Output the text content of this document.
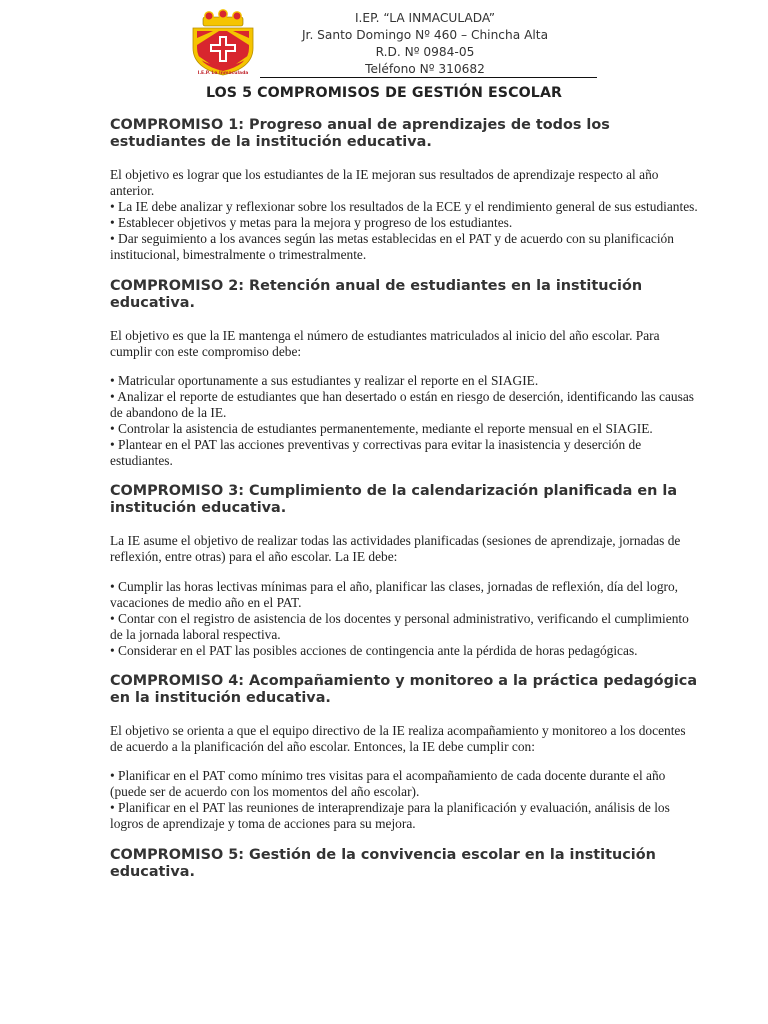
I.E.P. La Inmaculada
I.EP. “LA INMACULADA”
Jr. Santo Domingo Nº 460 – Chincha Alta
R.D. Nº 0984-05
Teléfono Nº 310682
LOS 5 COMPROMISOS DE GESTIÓN ESCOLAR
COMPROMISO 1: Progreso anual de aprendizajes de todos los estudiantes de la institución educativa.

El objetivo es lograr que los estudiantes de la IE mejoran sus resultados de aprendizaje respecto al año anterior.

• La IE debe analizar y reflexionar sobre los resultados de la ECE y el rendimiento general de sus estudiantes.

• Establecer objetivos y metas para la mejora y progreso de los estudiantes.

• Dar seguimiento a los avances según las metas establecidas en el PAT y de acuerdo con su planificación institucional, bimestralmente o trimestralmente.

COMPROMISO 2: Retención anual de estudiantes en la institución educativa.

El objetivo es que la IE mantenga el número de estudiantes matriculados al inicio del año escolar. Para cumplir con este compromiso debe:

• Matricular oportunamente a sus estudiantes y realizar el reporte en el SIAGIE.

• Analizar el reporte de estudiantes que han desertado o están en riesgo de deserción, identificando las causas de abandono de la IE.

• Controlar la asistencia de estudiantes permanentemente, mediante el reporte mensual en el SIAGIE.

• Plantear en el PAT las acciones preventivas y correctivas para evitar la inasistencia y deserción de estudiantes.

COMPROMISO 3: Cumplimiento de la calendarización planificada en la institución educativa.

La IE asume el objetivo de realizar todas las actividades planificadas (sesiones de aprendizaje, jornadas de reflexión, entre otras) para el año escolar. La IE debe:

• Cumplir las horas lectivas mínimas para el año, planificar las clases, jornadas de reflexión, día del logro, vacaciones de medio año en el PAT.

• Contar con el registro de asistencia de los docentes y personal administrativo, verificando el cumplimiento de la jornada laboral respectiva.

• Considerar en el PAT las posibles acciones de contingencia ante la pérdida de horas pedagógicas.

COMPROMISO 4: Acompañamiento y monitoreo a la práctica pedagógica en la institución educativa.

El objetivo se orienta a que el equipo directivo de la IE realiza acompañamiento y monitoreo a los docentes de acuerdo a la planificación del año escolar. Entonces, la IE debe cumplir con:

• Planificar en el PAT como mínimo tres visitas para el acompañamiento de cada docente durante el año (puede ser de acuerdo con los momentos del año escolar).

• Planificar en el PAT las reuniones de interaprendizaje para la planificación y evaluación, análisis de los logros de aprendizaje y toma de acciones para su mejora.

COMPROMISO 5: Gestión de la convivencia escolar en la institución educativa.
